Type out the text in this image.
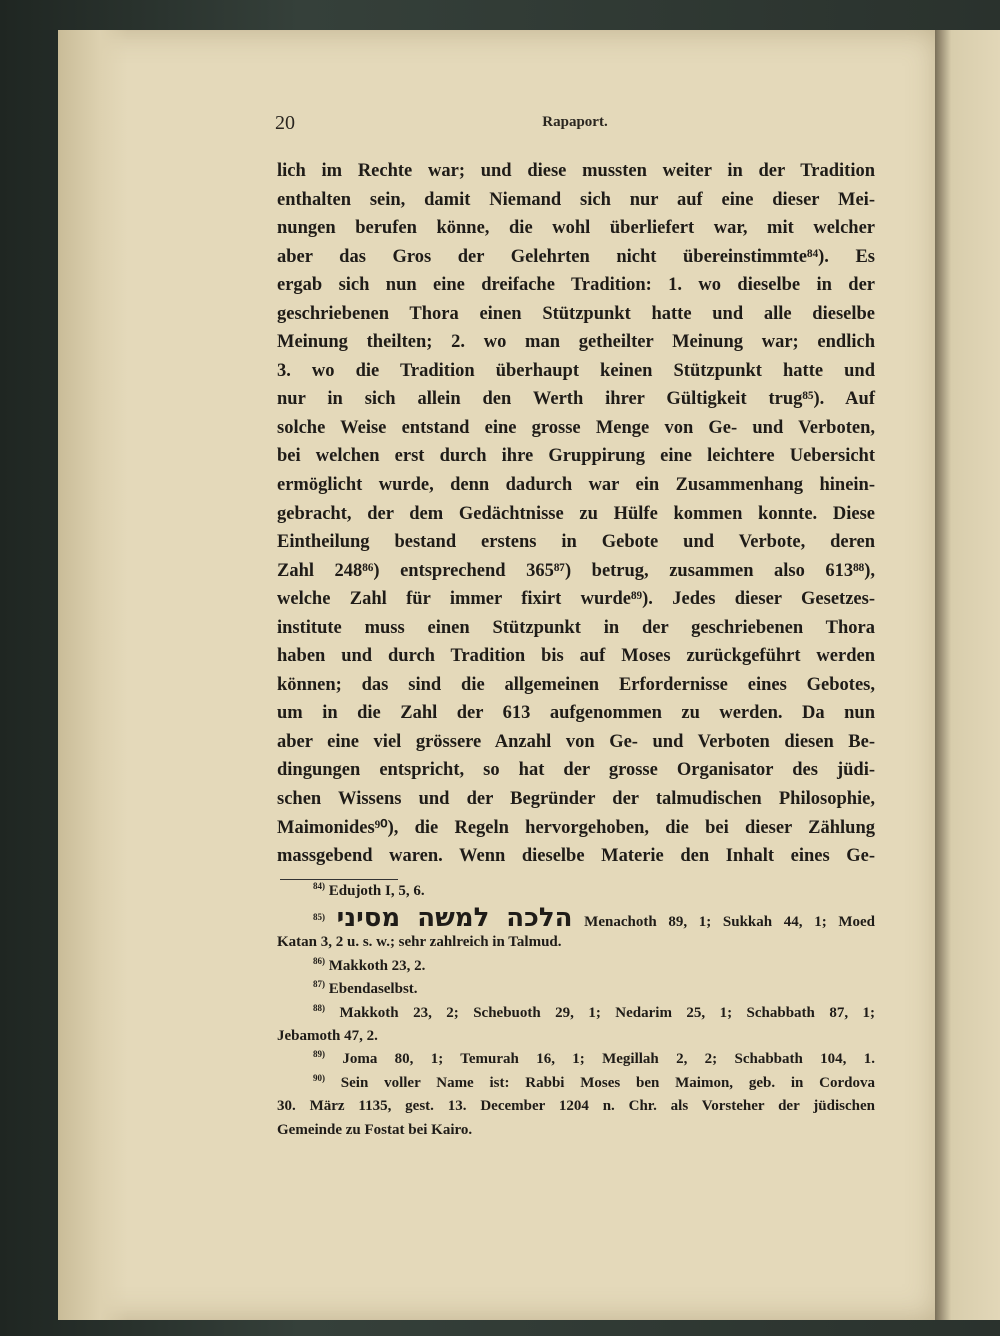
20	Rapaport.
lich im Rechte war; und diese mussten weiter in der Tradition
enthalten sein, damit Niemand sich nur auf eine dieser Mei-
nungen berufen könne, die wohl überliefert war, mit welcher
aber das Gros der Gelehrten nicht übereinstimmte⁸⁴). Es
ergab sich nun eine dreifache Tradition: 1. wo dieselbe in der
geschriebenen Thora einen Stützpunkt hatte und alle dieselbe
Meinung theilten; 2. wo man getheilter Meinung war; endlich
3. wo die Tradition überhaupt keinen Stützpunkt hatte und
nur in sich allein den Werth ihrer Gültigkeit trug⁸⁵). Auf
solche Weise entstand eine grosse Menge von Ge- und Verboten,
bei welchen erst durch ihre Gruppirung eine leichtere Uebersicht
ermöglicht wurde, denn dadurch war ein Zusammenhang hinein-
gebracht, der dem Gedächtnisse zu Hülfe kommen konnte. Diese
Eintheilung bestand erstens in Gebote und Verbote, deren
Zahl 248⁸⁶) entsprechend 365⁸⁷) betrug, zusammen also 613⁸⁸),
welche Zahl für immer fixirt wurde⁸⁹). Jedes dieser Gesetzes-
institute muss einen Stützpunkt in der geschriebenen Thora
haben und durch Tradition bis auf Moses zurückgeführt werden
können; das sind die allgemeinen Erfordernisse eines Gebotes,
um in die Zahl der 613 aufgenommen zu werden. Da nun
aber eine viel grössere Anzahl von Ge- und Verboten diesen Be-
dingungen entspricht, so hat der grosse Organisator des jüdi-
schen Wissens und der Begründer der talmudischen Philosophie,
Maimonides⁹⁰), die Regeln hervorgehoben, die bei dieser Zählung
massgebend waren. Wenn dieselbe Materie den Inhalt eines Ge-
$^{84)}$ Edujoth I, 5, 6.
$^{85)}$ הלכה למשה מסיני Menachoth 89, 1; Sukkah 44, 1; Moed
Katan 3, 2 u. s. w.; sehr zahlreich in Talmud.
$^{86)}$ Makkoth 23, 2.
$^{87)}$ Ebendaselbst.
$^{88)}$ Makkoth 23, 2; Schebuoth 29, 1; Nedarim 25, 1; Schabbath 87, 1;
Jebamoth 47, 2.
$^{89)}$ Joma 80, 1; Temurah 16, 1; Megillah 2, 2; Schabbath 104, 1.
$^{90)}$ Sein voller Name ist: Rabbi Moses ben Maimon, geb. in Cordova
30. März 1135, gest. 13. December 1204 n. Chr. als Vorsteher der jüdischen
Gemeinde zu Fostat bei Kairo.
